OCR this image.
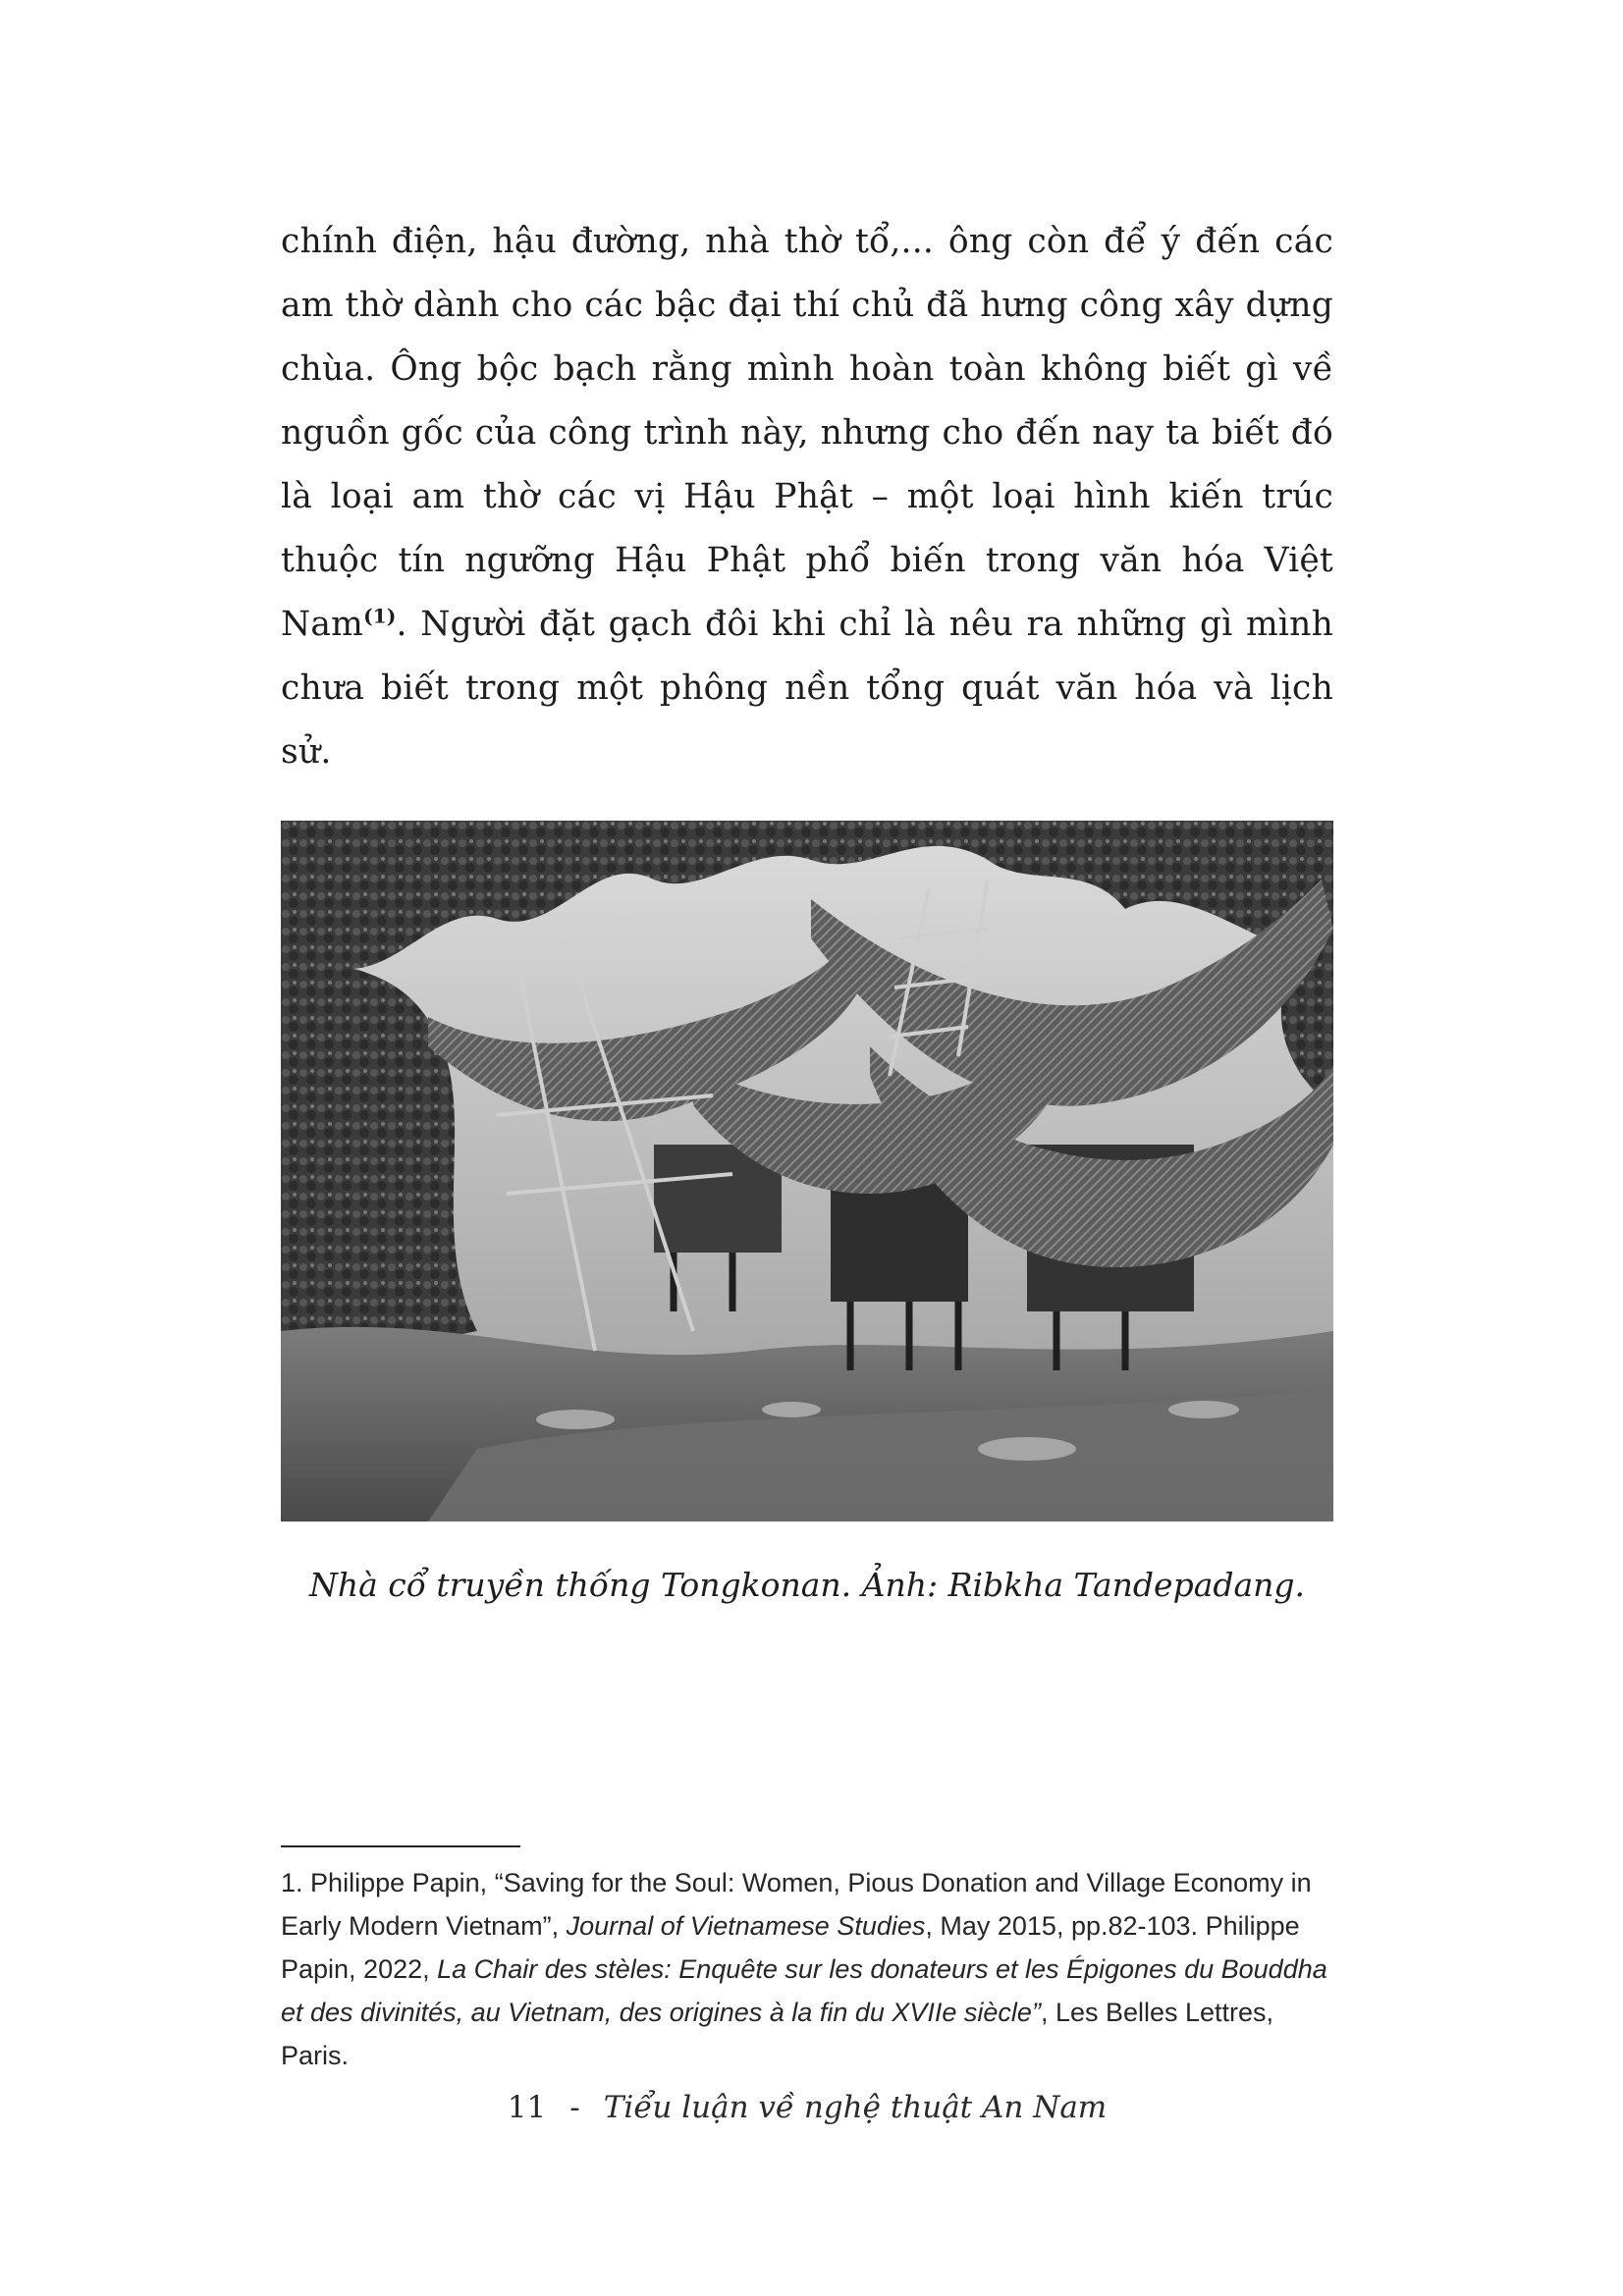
chính điện, hậu đường, nhà thờ tổ,... ông còn để ý đến các am thờ dành cho các bậc đại thí chủ đã hưng công xây dựng chùa. Ông bộc bạch rằng mình hoàn toàn không biết gì về nguồn gốc của công trình này, nhưng cho đến nay ta biết đó là loại am thờ các vị Hậu Phật – một loại hình kiến trúc thuộc tín ngưỡng Hậu Phật phổ biến trong văn hóa Việt Nam$^{(1)}$. Người đặt gạch đôi khi chỉ là nêu ra những gì mình chưa biết trong một phông nền tổng quát văn hóa và lịch sử.

Nhà cổ truyền thống Tongkonan. Ảnh: Ribkha Tandepadang.

1. Philippe Papin, “Saving for the Soul: Women, Pious Donation and Village Economy in Early Modern Vietnam”, Journal of Vietnamese Studies, May 2015, pp.82-103. Philippe Papin, 2022, La Chair des stèles: Enquête sur les donateurs et les Épigones du Bouddha et des divinités, au Vietnam, des origines à la fin du XVIIe siècle”, Les Belles Lettres, Paris.

11 - Tiểu luận về nghệ thuật An Nam
